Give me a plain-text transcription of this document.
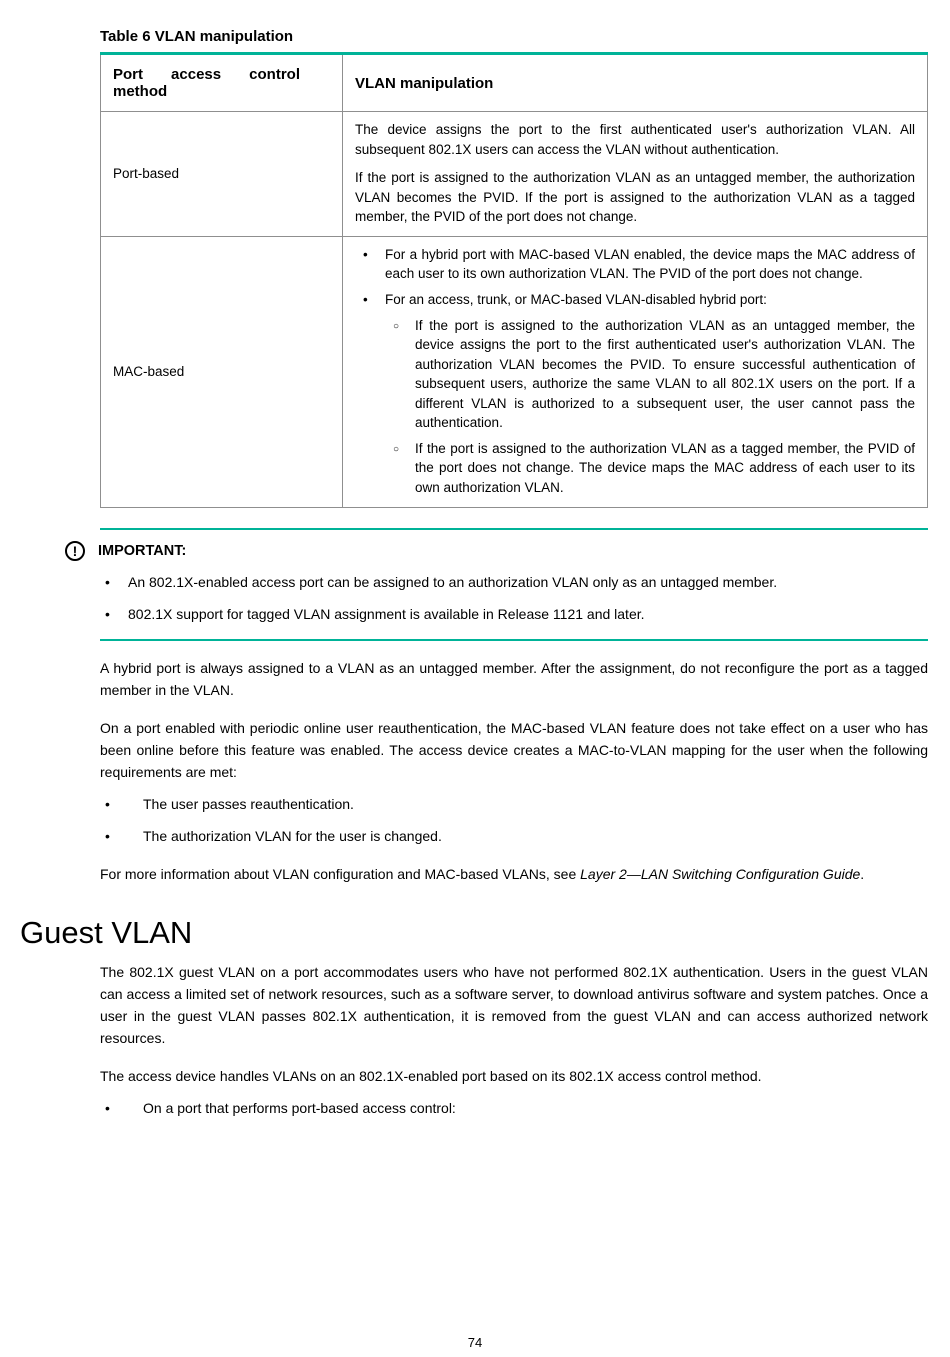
Table 6 VLAN manipulation

Port access control method	VLAN manipulation
Port-based	The device assigns the port to the first authenticated user's authorization VLAN. All subsequent 802.1X users can access the VLAN without authentication.

If the port is assigned to the authorization VLAN as an untagged member, the authorization VLAN becomes the PVID. If the port is assigned to the authorization VLAN as a tagged member, the PVID of the port does not change.

MAC-based	
•
For a hybrid port with MAC-based VLAN enabled, the device maps the MAC address of each user to its own authorization VLAN. The PVID of the port does not change.
•
For an access, trunk, or MAC-based VLAN-disabled hybrid port:
○
If the port is assigned to the authorization VLAN as an untagged member, the device assigns the port to the first authenticated user's authorization VLAN. The authorization VLAN becomes the PVID. To ensure successful authentication of subsequent users, authorize the same VLAN to all 802.1X users on the port. If a different VLAN is authorized to a subsequent user, the user cannot pass the authentication.
○
If the port is assigned to the authorization VLAN as a tagged member, the PVID of the port does not change. The device maps the MAC address of each user to its own authorization VLAN.
!
IMPORTANT:
•
An 802.1X-enabled access port can be assigned to an authorization VLAN only as an untagged member.
•
802.1X support for tagged VLAN assignment is available in Release 1121 and later.

A hybrid port is always assigned to a VLAN as an untagged member. After the assignment, do not reconfigure the port as a tagged member in the VLAN.

On a port enabled with periodic online user reauthentication, the MAC-based VLAN feature does not take effect on a user who has been online before this feature was enabled. The access device creates a MAC-to-VLAN mapping for the user when the following requirements are met:

•
The user passes reauthentication.
•
The authorization VLAN for the user is changed.

For more information about VLAN configuration and MAC-based VLANs, see Layer 2—LAN Switching Configuration Guide.

Guest VLAN

The 802.1X guest VLAN on a port accommodates users who have not performed 802.1X authentication. Users in the guest VLAN can access a limited set of network resources, such as a software server, to download antivirus software and system patches. Once a user in the guest VLAN passes 802.1X authentication, it is removed from the guest VLAN and can access authorized network resources.

The access device handles VLANs on an 802.1X-enabled port based on its 802.1X access control method.

•
On a port that performs port-based access control:
74
